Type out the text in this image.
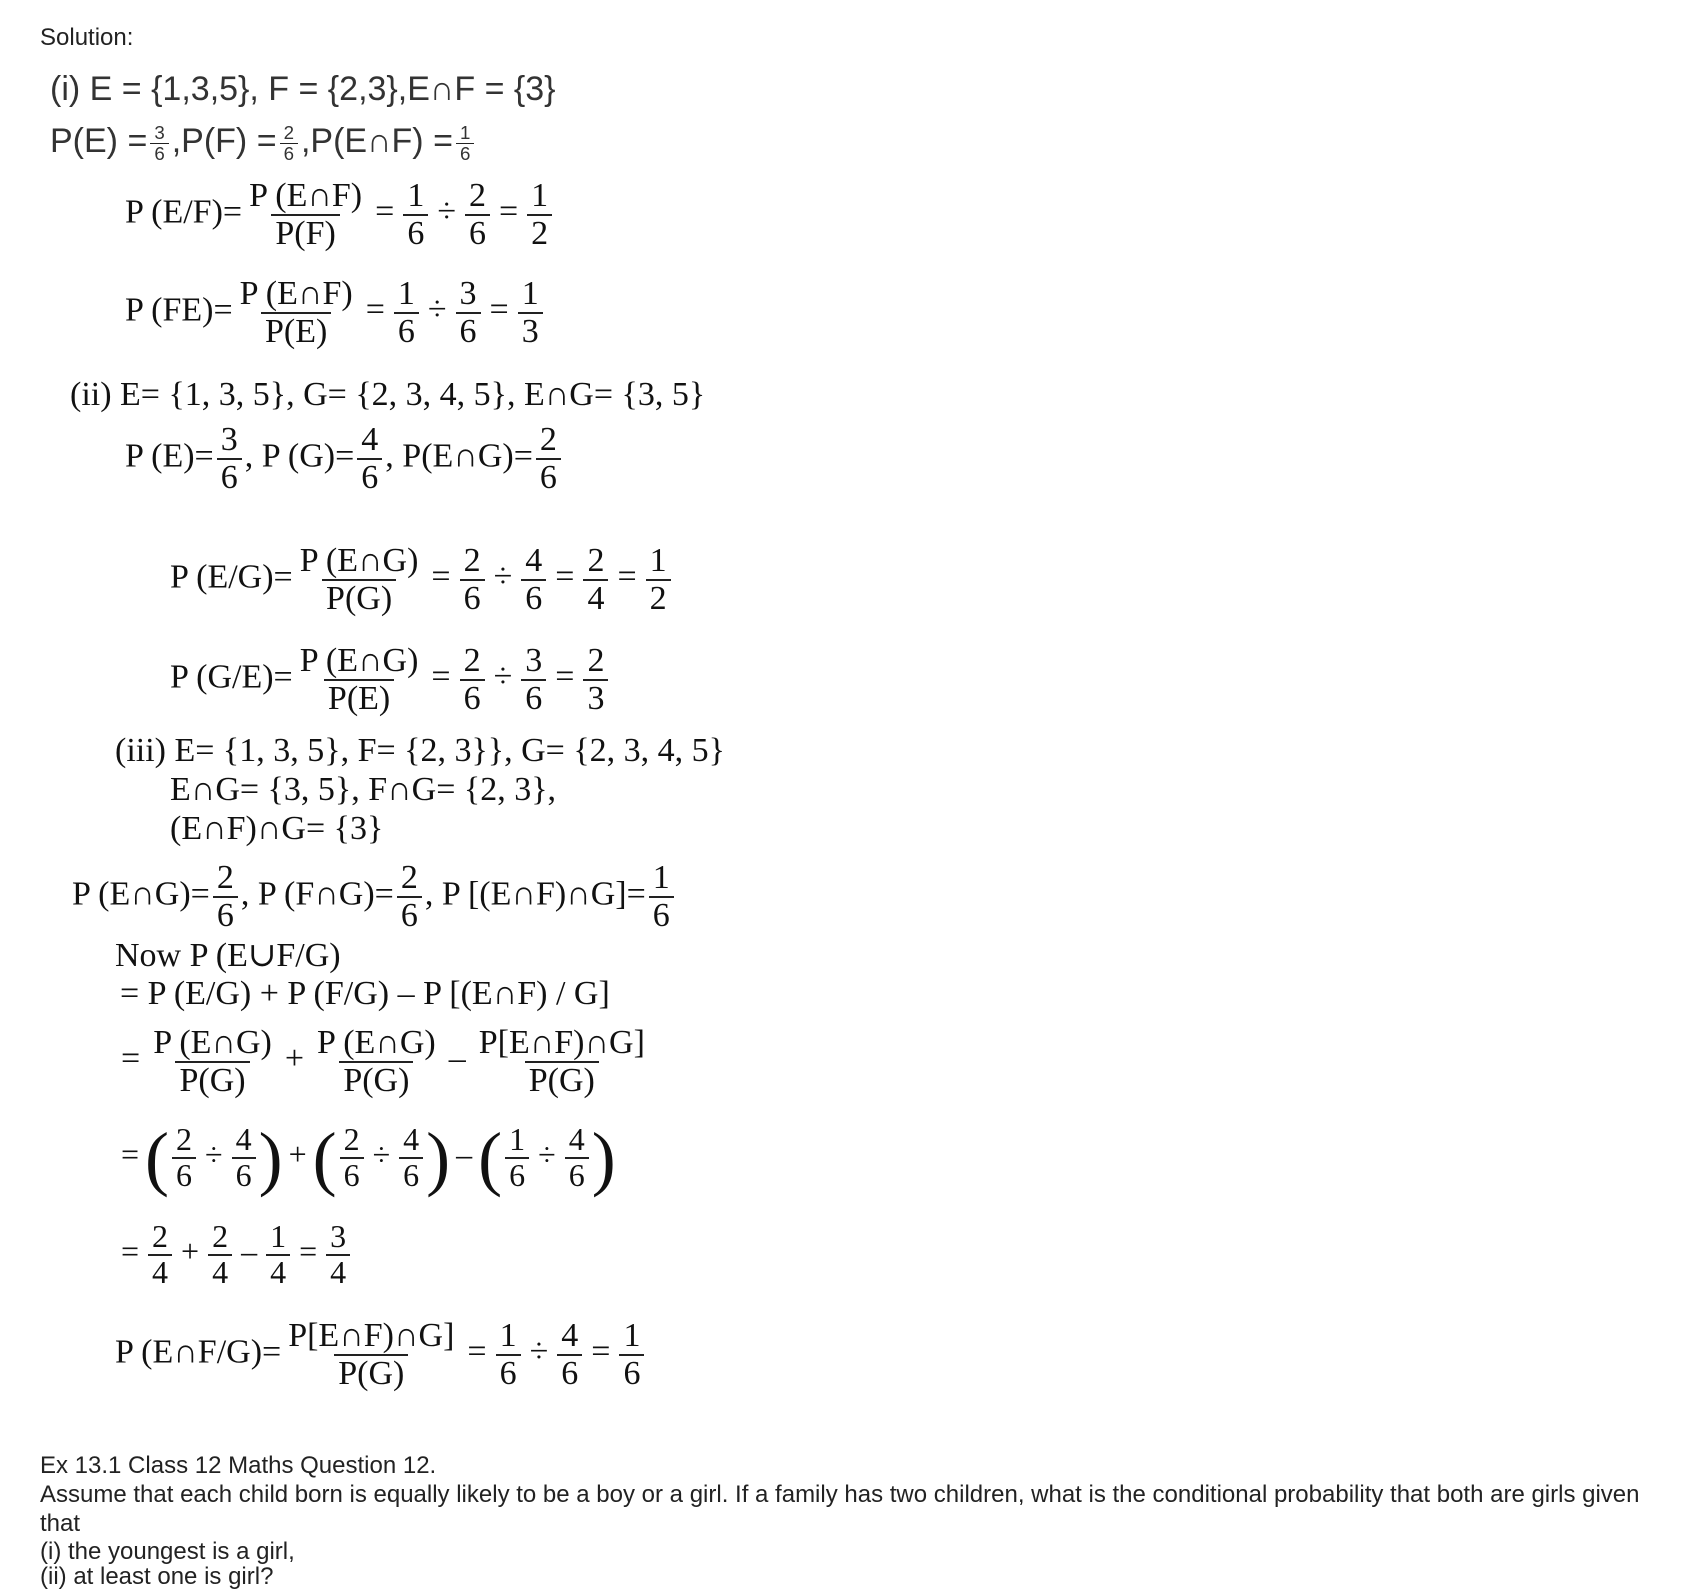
Solution:
(i) E = {1,3,5}, F = {2,3},E∩F = {3}
$P(E) = \frac{3}{6} ,P(F) = \frac{2}{6}$ ,P(E∩F) = $\frac{1}{6}$
P $(E/F)= \frac{P (E\cap F)}{P(F)} = \frac{1}{6} \div \frac{2}{6} = \frac{1}{2}$
P $(FE)= \frac{P (E\cap F)}{P(E)} = \frac{1}{6} \div \frac{3}{6} = \frac{1}{3}$
(ii) E= {1, 3, 5}, G= {2, 3, 4, 5}, E∩G= {3, 5}
P $(E)= \frac{3}{6}$ , P $(G)= \frac{4}{6}$ , P(E∩G)= $\frac{2}{6}$
P $(E/G)= \frac{P (E\cap G)}{P(G)} = \frac{2}{6} \div \frac{4}{6} = \frac{2}{4} = \frac{1}{2}$
P $(G/E)= \frac{P (E\cap G)}{P(E)} = \frac{2}{6} \div \frac{3}{6} = \frac{2}{3}$
(iii) E= {1, 3, 5}, F= {2, 3}}, G= {2, 3, 4, 5}
E∩G= {3, 5}, F∩G= {2, 3},
(E∩F)∩G= {3}
P (E∩G)= $\frac{2}{6}$ , P (F∩G)= $\frac{2}{6}$ , P [(E∩F)∩G]= $\frac{1}{6}$
Now P (E∪F/G)
= P (E/G) + P (F/G) – P [(E∩F) / G]
= $\frac{P (E\cap G)}{P(G)} + \frac{P (E\cap G)}{P(G)} - \frac{P[E\cap F)\cap G]}{P(G)}$
=( $\frac{2}{6} \div \frac{4}{6}$ ) +( $\frac{2}{6} \div \frac{4}{6}$ ) –( $\frac{1}{6} \div \frac{4}{6}$ )
= $\frac{2}{4} + \frac{2}{4} - \frac{1}{4} = \frac{3}{4}$
P (E∩F/G)= $\frac{P[E\cap F)\cap G]}{P(G)} = \frac{1}{6} \div \frac{4}{6} = \frac{1}{6}$
Ex 13.1 Class 12 Maths Question 12.
Assume that each child born is equally likely to be a boy or a girl. If a family has two children, what is the conditional probability that both are girls given that
(i) the youngest is a girl,
(ii) at least one is girl?
